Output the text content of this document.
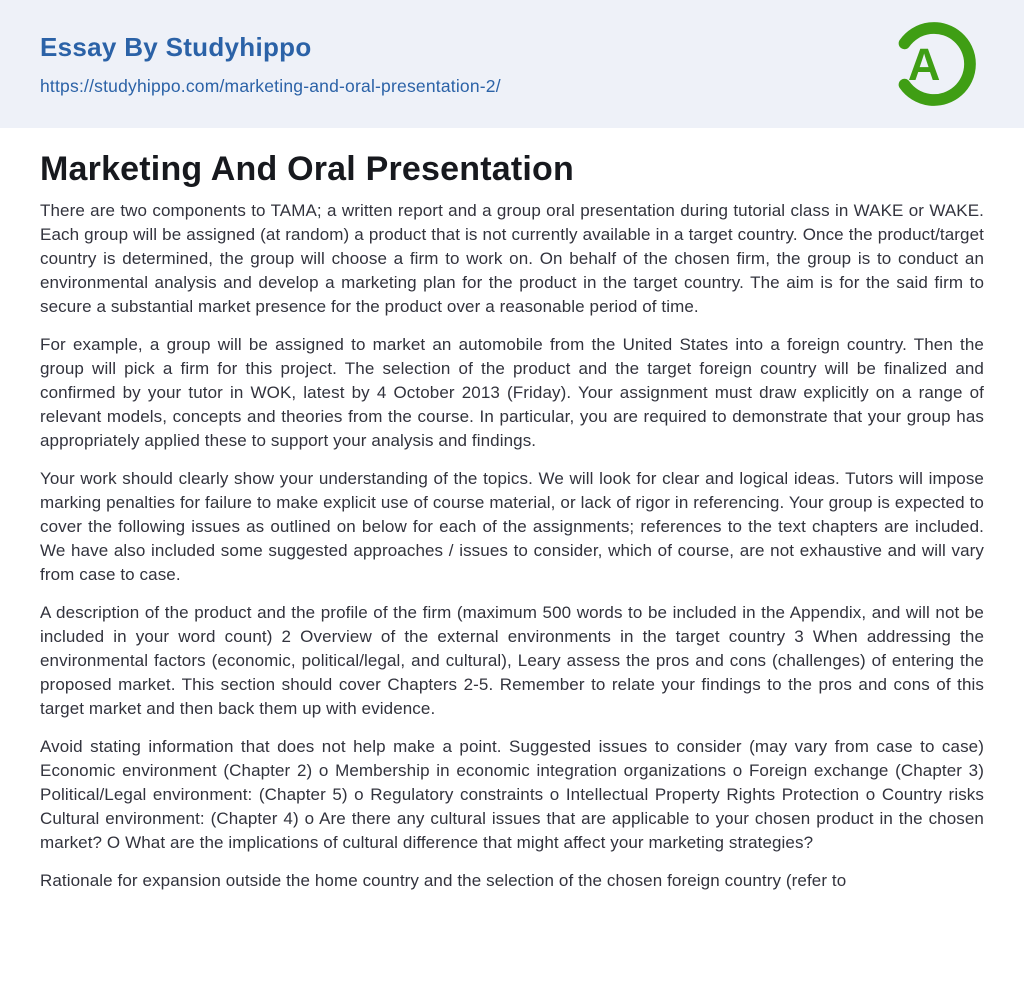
Essay By Studyhippo
https://studyhippo.com/marketing-and-oral-presentation-2/	A
Marketing And Oral Presentation

There are two components to TAMA; a written report and a group oral presentation during tutorial class in WAKE or WAKE. Each group will be assigned (at random) a product that is not currently available in a target country. Once the product/target country is determined, the group will choose a firm to work on. On behalf of the chosen firm, the group is to conduct an environmental analysis and develop a marketing plan for the product in the target country. The aim is for the said firm to secure a substantial market presence for the product over a reasonable period of time.

For example, a group will be assigned to market an automobile from the United States into a foreign country. Then the group will pick a firm for this project. The selection of the product and the target foreign country will be finalized and confirmed by your tutor in WOK, latest by 4 October 2013 (Friday). Your assignment must draw explicitly on a range of relevant models, concepts and theories from the course. In particular, you are required to demonstrate that your group has appropriately applied these to support your analysis and findings.

Your work should clearly show your understanding of the topics. We will look for clear and logical ideas. Tutors will impose marking penalties for failure to make explicit use of course material, or lack of rigor in referencing. Your group is expected to cover the following issues as outlined on below for each of the assignments; references to the text chapters are included. We have also included some suggested approaches / issues to consider, which of course, are not exhaustive and will vary from case to case.

A description of the product and the profile of the firm (maximum 500 words to be included in the Appendix, and will not be included in your word count) 2 Overview of the external environments in the target country 3 When addressing the environmental factors (economic, political/legal, and cultural), Leary assess the pros and cons (challenges) of entering the proposed market. This section should cover Chapters 2-5. Remember to relate your findings to the pros and cons of this target market and then back them up with evidence.

Avoid stating information that does not help make a point. Suggested issues to consider (may vary from case to case) Economic environment (Chapter 2) o Membership in economic integration organizations o Foreign exchange (Chapter 3) Political/Legal environment: (Chapter 5) o Regulatory constraints o Intellectual Property Rights Protection o Country risks Cultural environment: (Chapter 4) o Are there any cultural issues that are applicable to your chosen product in the chosen market? O What are the implications of cultural difference that might affect your marketing strategies?

Rationale for expansion outside the home country and the selection of the chosen foreign country (refer to
